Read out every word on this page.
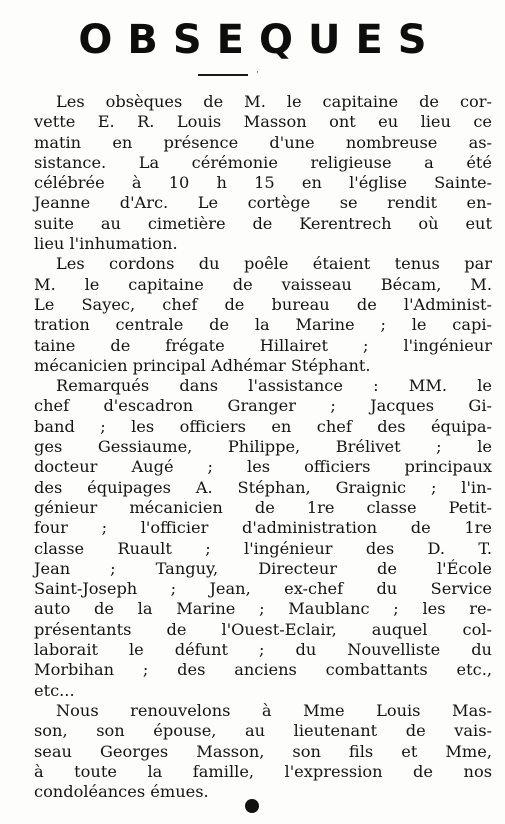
OBSEQUES
·

Les obsèques de M. le capitaine de cor-
vette E. R. Louis Masson ont eu lieu ce
matin en présence d'une nombreuse as-
sistance. La cérémonie religieuse a été
célébrée à 10 h 15 en l'église Sainte-
Jeanne d'Arc. Le cortège se rendit en-
suite au cimetière de Kerentrech où eut
lieu l'inhumation.

Les cordons du poêle étaient tenus par
M. le capitaine de vaisseau Bécam, M.
Le Sayec, chef de bureau de l'Administ-
tration centrale de la Marine ; le capi-
taine de frégate Hillairet ; l'ingénieur
mécanicien principal Adhémar Stéphant.

Remarqués dans l'assistance : MM. le
chef d'escadron Granger ; Jacques Gi-
band ; les officiers en chef des équipa-
ges Gessiaume, Philippe, Brélivet ; le
docteur Augé ; les officiers principaux
des équipages A. Stéphan, Graignic ; l'in-
génieur mécanicien de 1re classe Petit-
four ; l'officier d'administration de 1re
classe Ruault ; l'ingénieur des D. T.
Jean ; Tanguy, Directeur de l'École
Saint-Joseph ; Jean, ex-chef du Service
auto de la Marine ; Maublanc ; les re-
présentants de l'Ouest-Eclair, auquel col-
laborait le défunt ; du Nouvelliste du
Morbihan ; des anciens combattants etc.,
etc...

Nous renouvelons à Mme Louis Mas-
son, son épouse, au lieutenant de vais-
seau Georges Masson, son fils et Mme,
à toute la famille, l'expression de nos
condoléances émues.
